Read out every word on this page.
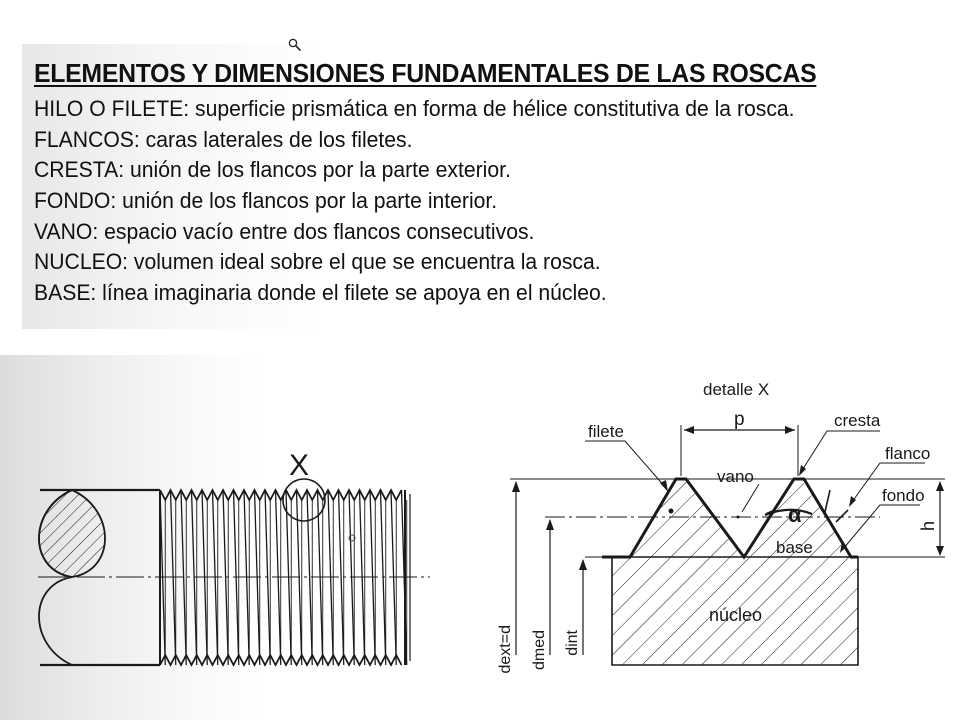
ELEMENTOS Y DIMENSIONES FUNDAMENTALES DE LAS ROSCAS
HILO O FILETE: superficie prismática en forma de hélice constitutiva de la rosca.
FLANCOS: caras laterales de los filetes.
CRESTA: unión de los flancos por la parte exterior.
FONDO: unión de los flancos por la parte interior.
VANO: espacio vacío entre dos flancos consecutivos.
NUCLEO: volumen ideal sobre el que se encuentra la rosca.
BASE: línea imaginaria donde el filete se apoya en el núcleo.
X
detalle X
p
filete
cresta
vano
flanco
fondo
h
α
base
núcleo
dext=d dmed dint
